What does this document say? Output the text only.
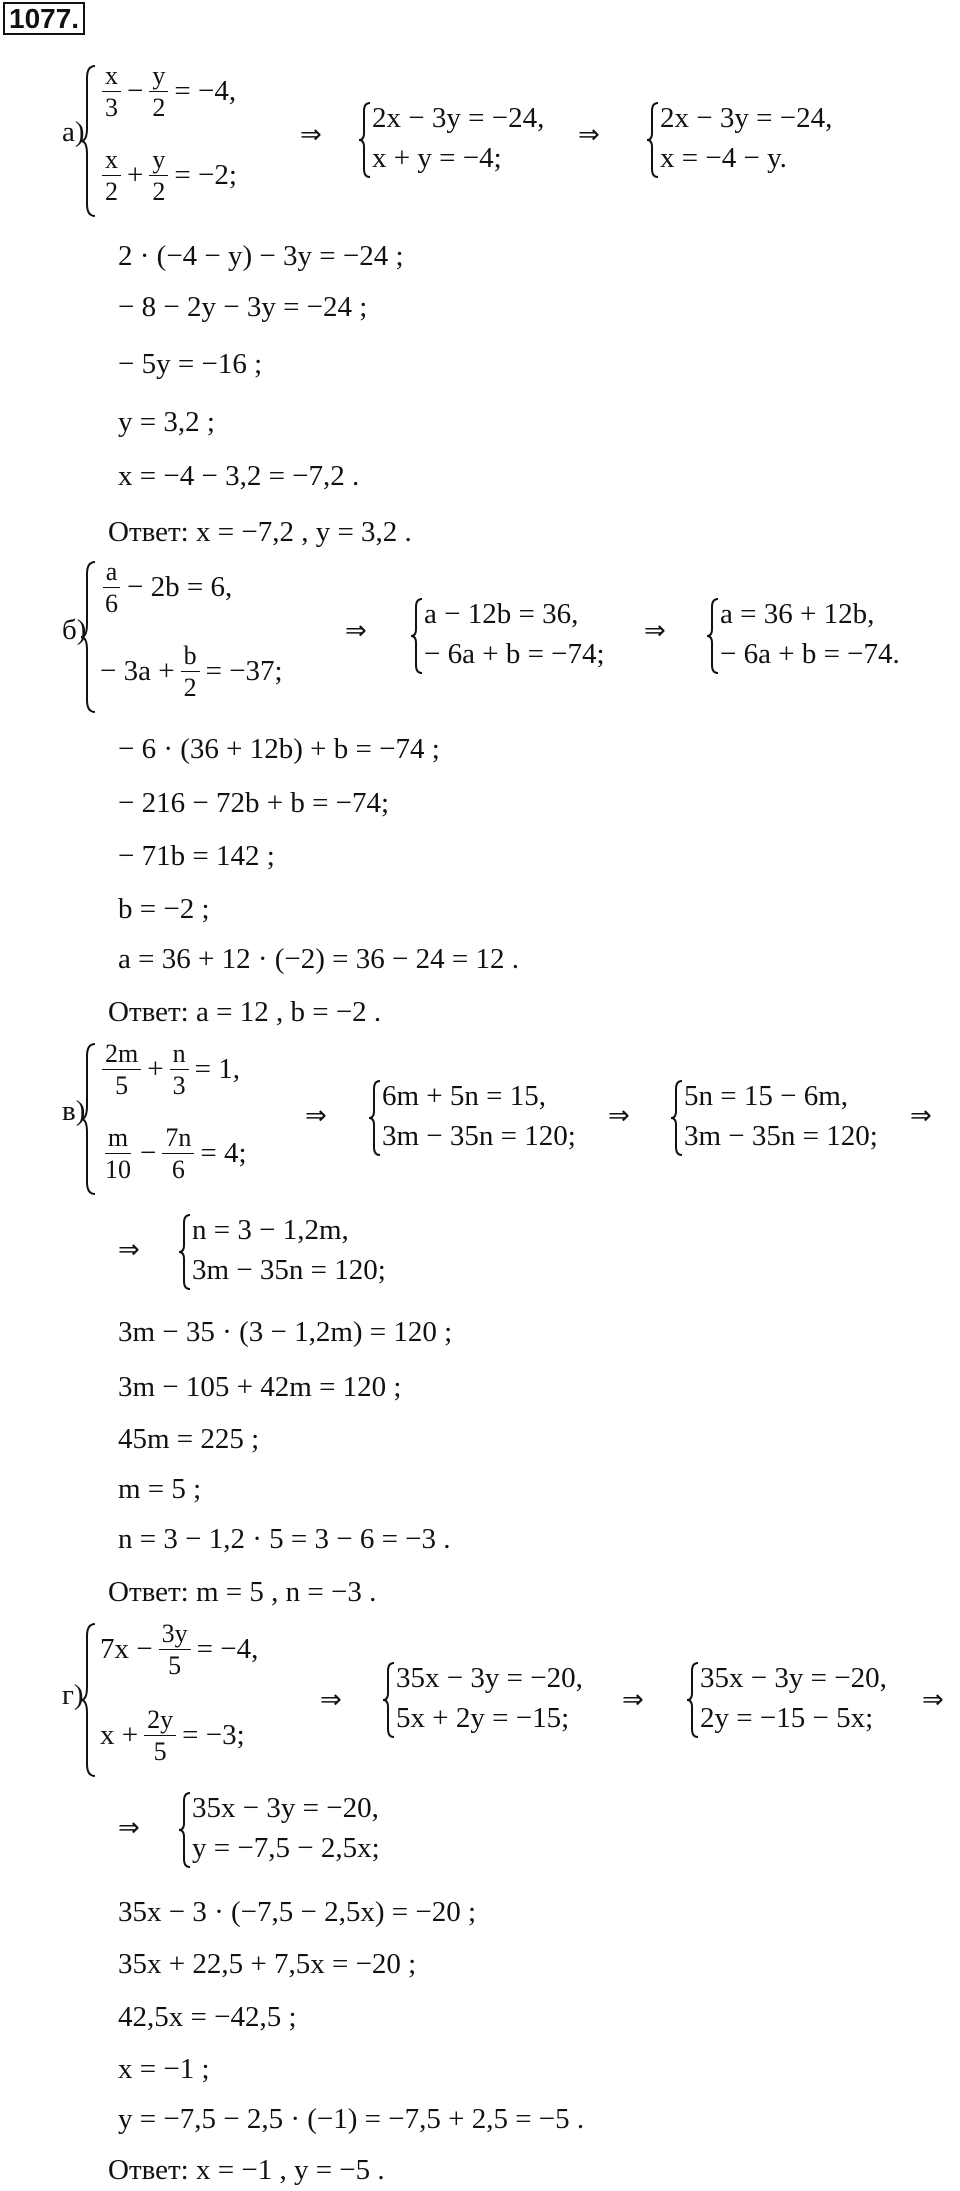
1077.
а)
x
3
− $\frac{y}{2} = -4$,
x
2
+ $\frac{y}{2} = -2$;
⇒
2x − 3y = −24,
x + y = −4;
⇒
2x − 3y = −24,
x = −4 − y.
2 · (−4 − y) − 3y = −24 ;
− 8 − 2y − 3y = −24 ;
− 5y = −16 ;
y = 3,2 ;
x = −4 − 3,2 = −7,2 .
Ответ: x = −7,2 , y = 3,2 .
б)
a
6
− 2b = 6,
− $3a + \frac{b}{2} = -37$;
⇒
a − 12b = 36,
− 6a + b = −74;
⇒
a = 36 + 12b,
− 6a + b = −74.
− 6 · (36 + 12b) + b = −74 ;
− 216 − 72b + b = −74;
− 71b = 142 ;
b = −2 ;
a = 36 + 12 · (−2) = 36 − 24 = 12 .
Ответ: a = 12 , b = −2 .
в)
2m
5
+ $\frac{n}{3} = 1$,
m
10
− $\frac{7n}{6} = 4$;
⇒
6m + 5n = 15,
3m − 35n = 120;
⇒
5n = 15 − 6m,
3m − 35n = 120;
⇒
⇒
n = 3 − 1,2m,
3m − 35n = 120;
3m − 35 · (3 − 1,2m) = 120 ;
3m − 105 + 42m = 120 ;
45m = 225 ;
m = 5 ;
n = 3 − 1,2 · 5 = 3 − 6 = −3 .
Ответ: m = 5 , n = −3 .
г)
$7x - \frac{3y}{5} = -4$,
$x + \frac{2y}{5} = -3$;
⇒
35x − 3y = −20,
5x + 2y = −15;
⇒
35x − 3y = −20,
2y = −15 − 5x;
⇒
⇒
35x − 3y = −20,
y = −7,5 − 2,5x;
35x − 3 · (−7,5 − 2,5x) = −20 ;
35x + 22,5 + 7,5x = −20 ;
42,5x = −42,5 ;
x = −1 ;
y = −7,5 − 2,5 · (−1) = −7,5 + 2,5 = −5 .
Ответ: x = −1 , y = −5 .
